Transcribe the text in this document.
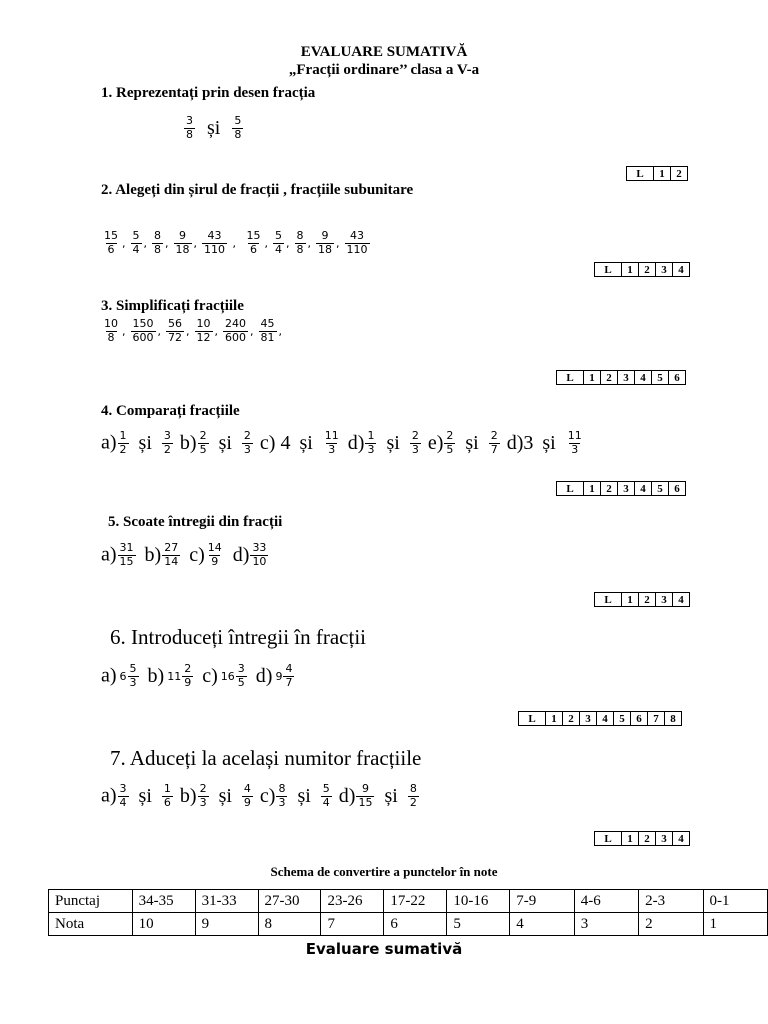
EVALUARE SUMATIVĂ
„Fracții ordinare’’ clasa a V-a
1. Reprezentați prin desen fracția
$\frac{3}{8}$ și $\frac{5}{8}$
L	1	2
2. Alegeți din șirul de fracții , fracțiile subunitare
$\frac{15}{6}$ , $\frac{5}{4}$ , $\frac{8}{8}$ , $\frac{9}{18}$ , $\frac{43}{110}$ , $\frac{15}{6}$ , $\frac{5}{4}$ , $\frac{8}{8}$ , $\frac{9}{18}$ , $\frac{43}{110}$
L	1	2	3	4
3. Simplificați fracțiile
$\frac{10}{8}$ , $\frac{150}{600}$ , $\frac{56}{72}$ , $\frac{10}{12}$ , $\frac{240}{600}$ , $\frac{45}{81}$ ,
L	1	2	3	4	5	6
4. Comparați fracțiile
$a) \frac{1}{2}$ și $\frac{3}{2} b) \frac{2}{5}$ și $\frac{2}{3} c$) 4 și $\frac{11}{3} d) \frac{1}{3}$ și $\frac{2}{3} e) \frac{2}{5}$ și $\frac{2}{7} d)3$ și $\frac{11}{3}$
L	1	2	3	4	5	6
5. Scoate întregii din fracții
$a) \frac{31}{15} b) \frac{27}{14} c) \frac{14}{9} d) \frac{33}{10}$
L	1	2	3	4
6. Introduceți întregii în fracții
a) $6 \frac{5}{3} b$) $11 \frac{2}{9} c$) $16 \frac{3}{5} d$) $9 \frac{4}{7}$
L	1	2	3	4	5	6	7	8
7. Aduceți la același numitor fracțiile
$a) \frac{3}{4}$ și $\frac{1}{6} b) \frac{2}{3}$ și $\frac{4}{9} c) \frac{8}{3}$ și $\frac{5}{4} d) \frac{9}{15}$ și $\frac{8}{2}$
L	1	2	3	4
Schema de convertire a punctelor în note
Punctaj	34-35	31-33	27-30	23-26	17-22	10-16	7-9	4-6	2-3	0-1
Nota	10	9	8	7	6	5	4	3	2	1
Evaluare sumativă
